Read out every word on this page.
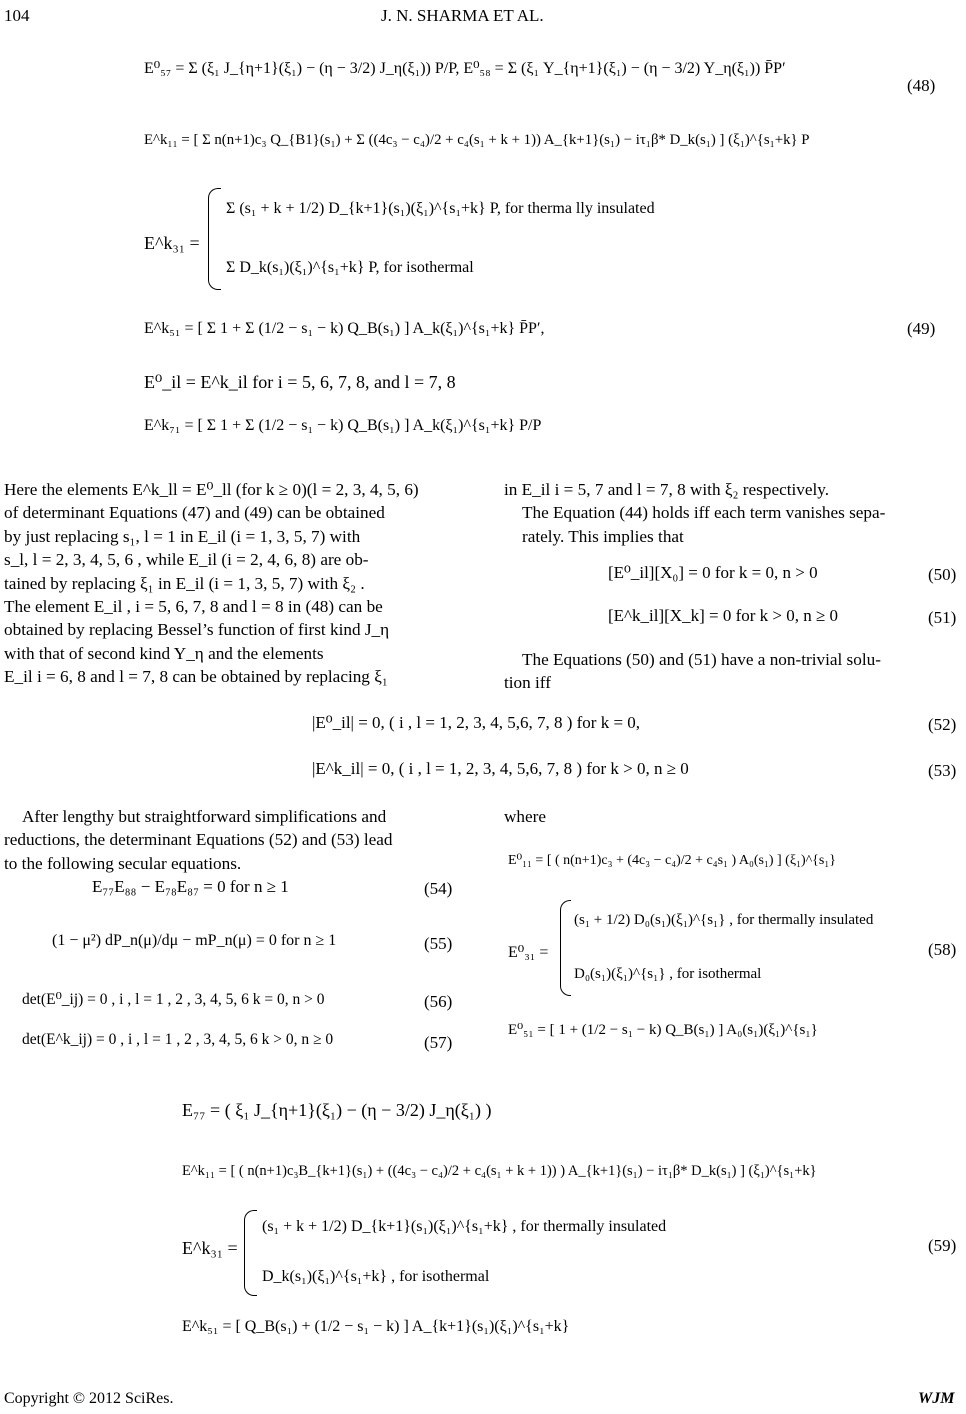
104	J. N. SHARMA ET AL.
E⁰₅₇ = Σ (ξ₁ J_{η+1}(ξ₁) − (η − 3/2) J_η(ξ₁)) P/P, E⁰₅₈ = Σ (ξ₁ Y_{η+1}(ξ₁) − (η − 3/2) Y_η(ξ₁)) P̄P′
(48)
E^k₁₁ = [ Σ n(n+1)c₃ Q_{B1}(s₁) + Σ ((4c₃ − c₄)/2 + c₄(s₁ + k + 1)) A_{k+1}(s₁) − iτ₁β* D_k(s₁) ] (ξ₁)^{s₁+k} P
E^k₃₁ =
Σ (s₁ + k + 1/2) D_{k+1}(s₁)(ξ₁)^{s₁+k} P, for therma lly insulated
Σ D_k(s₁)(ξ₁)^{s₁+k} P, for isothermal
E^k₅₁ = [ Σ 1 + Σ (1/2 − s₁ − k) Q_B(s₁) ] A_k(ξ₁)^{s₁+k} P̄P′,	(49)
E⁰_il = E^k_il for i = 5, 6, 7, 8, and l = 7, 8
E^k₇₁ = [ Σ 1 + Σ (1/2 − s₁ − k) Q_B(s₁) ] A_k(ξ₁)^{s₁+k} P/P
Here the elements E^k_ll = E⁰_ll (for k ≥ 0)(l = 2, 3, 4, 5, 6)
of determinant Equations (47) and (49) can be obtained
by just replacing s₁, l = 1 in E_il (i = 1, 3, 5, 7) with
s_l, l = 2, 3, 4, 5, 6 , while E_il (i = 2, 4, 6, 8) are ob-
tained by replacing ξ₁ in E_il (i = 1, 3, 5, 7) with ξ₂ .
The element E_il , i = 5, 6, 7, 8 and l = 8 in (48) can be
obtained by replacing Bessel’s function of first kind J_η
with that of second kind Y_η and the elements
E_il i = 6, 8 and l = 7, 8 can be obtained by replacing ξ₁
in E_il i = 5, 7 and l = 7, 8 with ξ₂ respectively.
The Equation (44) holds iff each term vanishes sepa-
rately. This implies that
[E⁰_il][X₀] = 0 for k = 0, n > 0	(50)
[E^k_il][X_k] = 0 for k > 0, n ≥ 0	(51)
The Equations (50) and (51) have a non-trivial solu-
tion iff
|E⁰_il| = 0, ( i , l = 1, 2, 3, 4, 5,6, 7, 8 ) for k = 0,	(52)
|E^k_il| = 0, ( i , l = 1, 2, 3, 4, 5,6, 7, 8 ) for k > 0, n ≥ 0	(53)
After lengthy but straightforward simplifications and
reductions, the determinant Equations (52) and (53) lead
to the following secular equations.
E₇₇E₈₈ − E₇₈E₈₇ = 0 for n ≥ 1	(54)
(1 − μ²) dP_n(μ)/dμ − mP_n(μ) = 0 for n ≥ 1	(55)
det(E⁰_ij) = 0 , i , l = 1 , 2 , 3, 4, 5, 6 k = 0, n > 0	(56)
det(E^k_ij) = 0 , i , l = 1 , 2 , 3, 4, 5, 6 k > 0, n ≥ 0	(57)
where
E⁰₁₁ = [ ( n(n+1)c₃ + (4c₃ − c₄)/2 + c₄s₁ ) A₀(s₁) ] (ξ₁)^{s₁}
E⁰₃₁ =
(s₁ + 1/2) D₀(s₁)(ξ₁)^{s₁} , for thermally insulated
D₀(s₁)(ξ₁)^{s₁} , for isothermal
(58)
E⁰₅₁ = [ 1 + (1/2 − s₁ − k) Q_B(s₁) ] A₀(s₁)(ξ₁)^{s₁}
E₇₇ = ( ξ₁ J_{η+1}(ξ₁) − (η − 3/2) J_η(ξ₁) )
E^k₁₁ = [ ( n(n+1)c₃B_{k+1}(s₁) + ((4c₃ − c₄)/2 + c₄(s₁ + k + 1)) ) A_{k+1}(s₁) − iτ₁β* D_k(s₁) ] (ξ₁)^{s₁+k}
E^k₃₁ =
(s₁ + k + 1/2) D_{k+1}(s₁)(ξ₁)^{s₁+k} , for thermally insulated
D_k(s₁)(ξ₁)^{s₁+k} , for isothermal
(59)
E^k₅₁ = [ Q_B(s₁) + (1/2 − s₁ − k) ] A_{k+1}(s₁)(ξ₁)^{s₁+k}
Copyright © 2012 SciRes.	WJM
